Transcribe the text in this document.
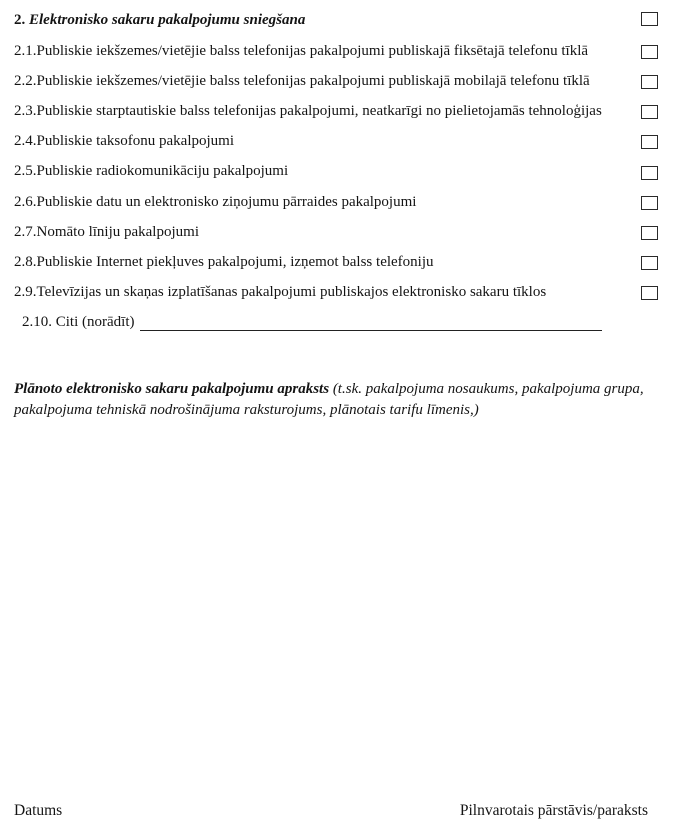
2. Elektronisko sakaru pakalpojumu sniegšana
2.1.Publiskie iekšzemes/vietējie balss telefonijas pakalpojumi publiskajā fiksētajā telefonu tīklā
2.2.Publiskie iekšzemes/vietējie balss telefonijas pakalpojumi publiskajā mobilajā telefonu tīklā
2.3.Publiskie starptautiskie balss telefonijas pakalpojumi, neatkarīgi no pielietojamās tehnoloģijas
2.4.Publiskie taksofonu pakalpojumi
2.5.Publiskie radiokomunikāciju pakalpojumi
2.6.Publiskie datu un elektronisko ziņojumu pārraides pakalpojumi
2.7.Nomāto līniju pakalpojumi
2.8.Publiskie Internet piekļuves pakalpojumi, izņemot balss telefoniju
2.9.Televīzijas un skaņas izplatīšanas pakalpojumi publiskajos elektronisko sakaru tīklos
2.10. Citi (norādīt)

Plānoto elektronisko sakaru pakalpojumu apraksts (t.sk. pakalpojuma nosaukums, pakalpojuma grupa, pakalpojuma tehniskā nodrošinājuma raksturojums, plānotais tarifu līmenis,)

Datums	Pilnvarotais pārstāvis/paraksts
